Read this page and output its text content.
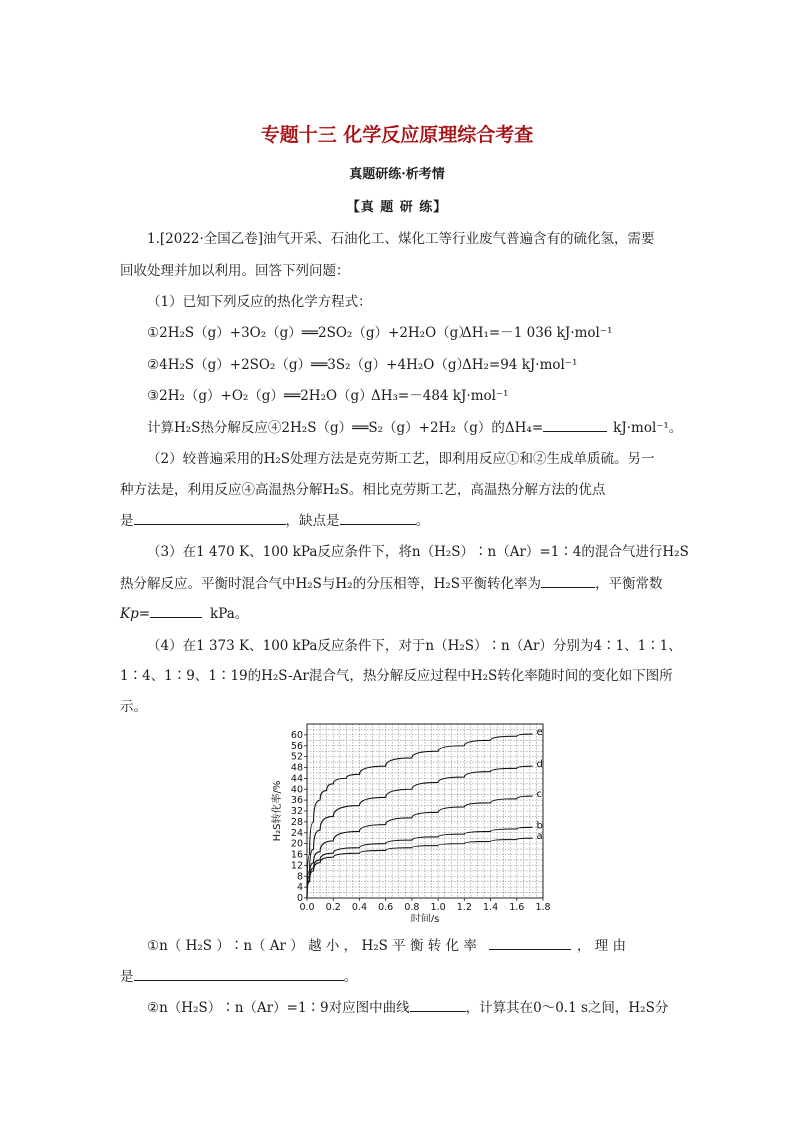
专题十三 化学反应原理综合考查
真题研练·析考情
【真 题 研 练】
1.[2022·全国乙卷]油气开采、石油化工、煤化工等行业废气普遍含有的硫化氢，需要
回收处理并加以利用。回答下列问题：
（1）已知下列反应的热化学方程式：
①2H₂S（g）+3O₂（g）══2SO₂（g）+2H₂O（g）
ΔH₁=－1 036 kJ·mol⁻¹
②4H₂S（g）+2SO₂（g）══3S₂（g）+4H₂O（g）
ΔH₂=94 kJ·mol⁻¹
③2H₂（g）+O₂（g）══2H₂O（g）
ΔH₃=－484 kJ·mol⁻¹
计算H₂S热分解反应④2H₂S（g）══S₂（g）+2H₂（g）的ΔH₄=	kJ·mol⁻¹。
（2）较普遍采用的H₂S处理方法是克劳斯工艺，即利用反应①和②生成单质硫。另一
种方法是，利用反应④高温热分解H₂S。相比克劳斯工艺，高温热分解方法的优点
是	，缺点是	。
（3）在1 470 K、100 kPa反应条件下，将n（H₂S）∶n（Ar）=1∶4的混合气进行H₂S
热分解反应。平衡时混合气中H₂S与H₂的分压相等，H₂S平衡转化率为	，平衡常数
Kp=	kPa。
（4）在1 373 K、100 kPa反应条件下，对于n（H₂S）∶n（Ar）分别为4∶1、1∶1、
1∶4、1∶9、1∶19的H₂S-Ar混合气，热分解反应过程中H₂S转化率随时间的变化如下图所
示。
0.0 0.2 0.4 0.6 0.8 1.0 1.2 1.4 1.6 1.8
0
4
8
12
16
20
24
28
32
36
40
44
48
52
56
60
时间/s
H₂S转化率/%	a
b
c
d
e
①n（ H₂S ）∶n（ Ar ） 越 小 ， H₂S 平 衡 转 化 率	， 理 由
是	。
②n（H₂S）∶n（Ar）=1∶9对应图中曲线	，计算其在0～0.1 s之间，H₂S分
